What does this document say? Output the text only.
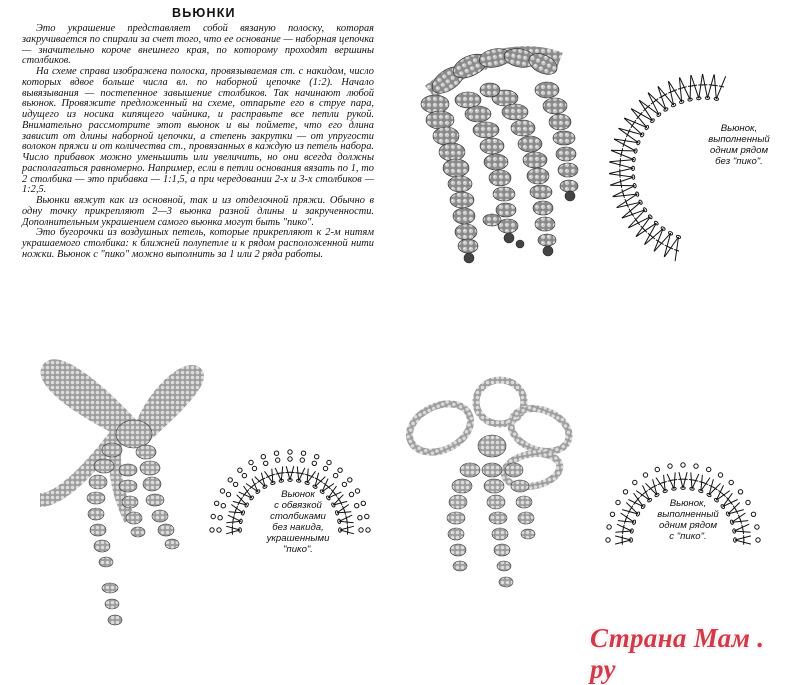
ВЬЮНКИ

Это украшение представляет собой вязаную полоску, которая закручивается по спирали за счет того, что ее основание — наборная цепочка — значительно короче внешнего края, по которому проходят вершины столбиков.

На схеме справа изображена полоска, провязываемая ст. с накидом, число которых вдвое больше числа вл. по наборной цепочке (1:2). Начало вывязывания — постепенное завышение столбиков. Так начинают любой вьюнок. Провяжите предложенный на схеме, отпарьте его в струе пара, идущего из носика кипящего чайника, и расправьте все петли рукой. Внимательно рассмотрите этот вьюнок и вы поймете, что его длина зависит от длины наборной цепочки, а степень закрутки — от упругости волокон пряжи и от количества ст., провязанных в каждую из петель набора. Число прибавок можно уменьшить или увеличить, но они всегда должны располагаться равномерно. Например, если в петли основания вязать по 1, то 2 столбика — это прибавка — 1:1,5, а при чередовании 2-х и 3-х столбиков — 1:2,5.

Вьюнки вяжут как из основной, так и из отделочной пряжи. Обычно в одну точку прикрепляют 2—3 вьюнка разной длины и закрученности. Дополнительным украшением самого вьюнка могут быть "пико".

Это бугорочки из воздушных петель, которые прикрепляют к 2-м нитям украшаемого столбика: к ближней полупетле и к рядом расположенной нити ножки. Вьюнок с "пико" можно выполнить за 1 или 2 ряда работы.

Вьюнок,
выполненный
одним рядом
без "пико".
Вьюнок
с обвязкой
столбиками
без накида,
украшенными
"пико".
Вьюнок,
выполненный
одним рядом
с "пико".
Страна Мам . ру
